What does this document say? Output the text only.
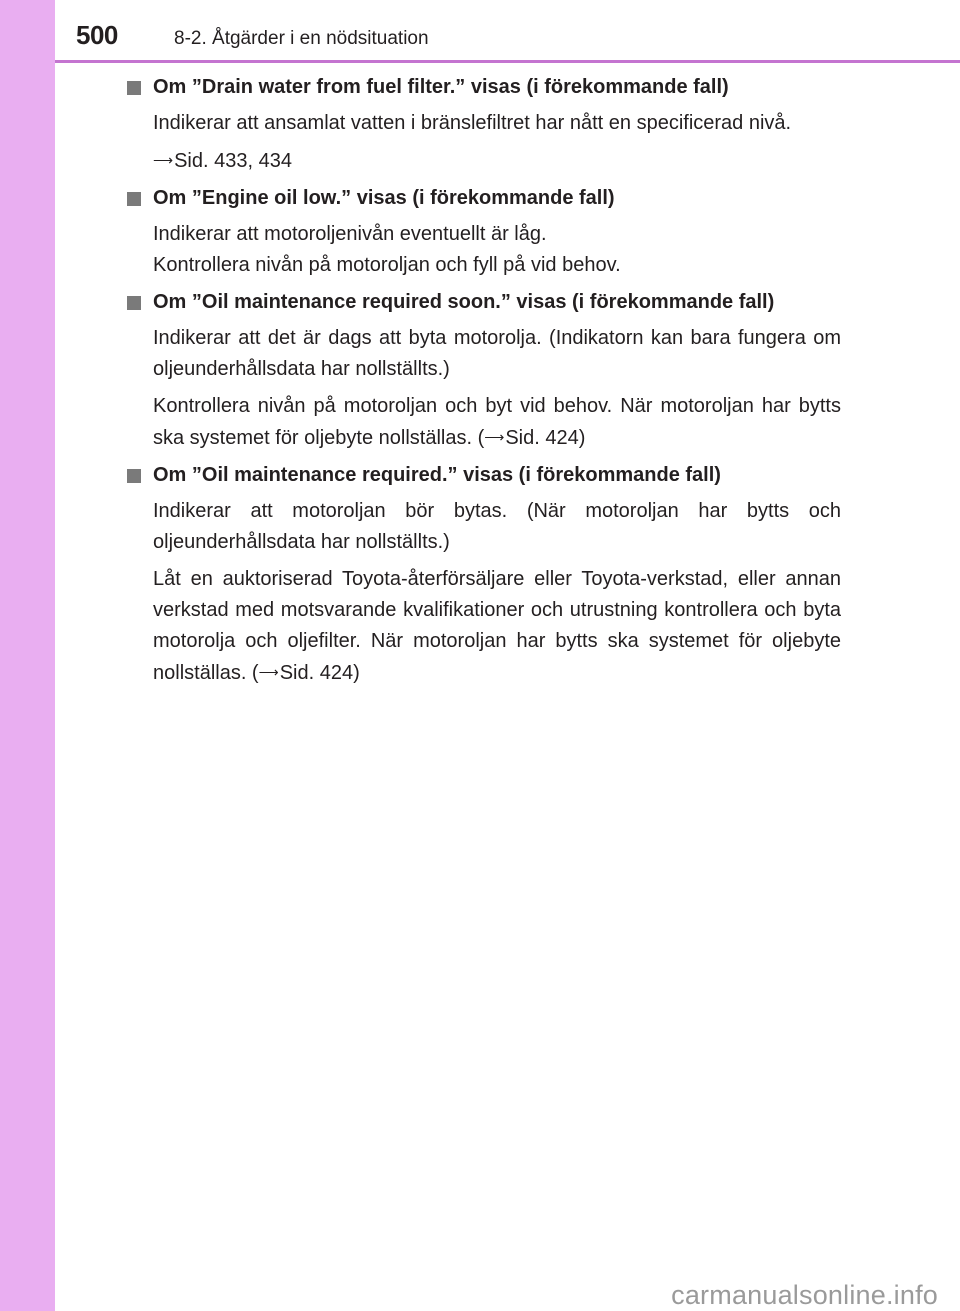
500	8-2. Åtgärder i en nödsituation
Om ”Drain water from fuel filter.” visas (i förekommande fall)
Indikerar att ansamlat vatten i bränslefiltret har nått en specificerad nivå.
⟶Sid. 433, 434
Om ”Engine oil low.” visas (i förekommande fall)
Indikerar att motoroljenivån eventuellt är låg.
Kontrollera nivån på motoroljan och fyll på vid behov.
Om ”Oil maintenance required soon.” visas (i förekommande fall)
Indikerar att det är dags att byta motorolja. (Indikatorn kan bara fungera om oljeunderhållsdata har nollställts.)
Kontrollera nivån på motoroljan och byt vid behov. När motoroljan har bytts ska systemet för oljebyte nollställas. (⟶Sid. 424)
Om ”Oil maintenance required.” visas (i förekommande fall)
Indikerar att motoroljan bör bytas. (När motoroljan har bytts och oljeunderhållsdata har nollställts.)
Låt en auktoriserad Toyota-återförsäljare eller Toyota-verkstad, eller annan verkstad med motsvarande kvalifikationer och utrustning kontrollera och byta motorolja och oljefilter. När motoroljan har bytts ska systemet för oljebyte nollställas. (⟶Sid. 424)
carmanualsonline.info
